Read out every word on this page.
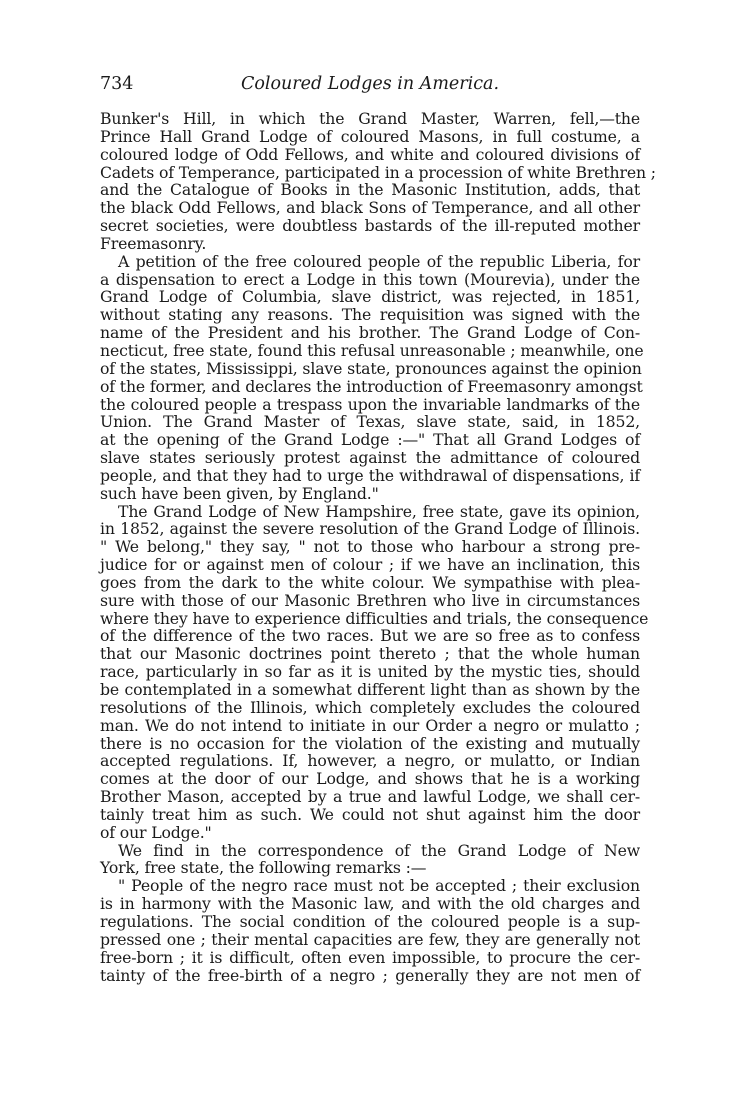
734	Coloured Lodges in America.
Bunker's Hill, in which the Grand Master, Warren, fell,—the
Prince Hall Grand Lodge of coloured Masons, in full costume, a
coloured lodge of Odd Fellows, and white and coloured divisions of
Cadets of Temperance, participated in a procession of white Brethren ;
and the Catalogue of Books in the Masonic Institution, adds, that
the black Odd Fellows, and black Sons of Temperance, and all other
secret societies, were doubtless bastards of the ill-reputed mother
Freemasonry.
A petition of the free coloured people of the republic Liberia, for
a dispensation to erect a Lodge in this town (Mourevia), under the
Grand Lodge of Columbia, slave district, was rejected, in 1851,
without stating any reasons. The requisition was signed with the
name of the President and his brother. The Grand Lodge of Con-
necticut, free state, found this refusal unreasonable ; meanwhile, one
of the states, Mississippi, slave state, pronounces against the opinion
of the former, and declares the introduction of Freemasonry amongst
the coloured people a trespass upon the invariable landmarks of the
Union. The Grand Master of Texas, slave state, said, in 1852,
at the opening of the Grand Lodge :—" That all Grand Lodges of
slave states seriously protest against the admittance of coloured
people, and that they had to urge the withdrawal of dispensations, if
such have been given, by England."
The Grand Lodge of New Hampshire, free state, gave its opinion,
in 1852, against the severe resolution of the Grand Lodge of Illinois.
" We belong," they say, " not to those who harbour a strong pre-
judice for or against men of colour ; if we have an inclination, this
goes from the dark to the white colour. We sympathise with plea-
sure with those of our Masonic Brethren who live in circumstances
where they have to experience difficulties and trials, the consequence
of the difference of the two races. But we are so free as to confess
that our Masonic doctrines point thereto ; that the whole human
race, particularly in so far as it is united by the mystic ties, should
be contemplated in a somewhat different light than as shown by the
resolutions of the Illinois, which completely excludes the coloured
man. We do not intend to initiate in our Order a negro or mulatto ;
there is no occasion for the violation of the existing and mutually
accepted regulations. If, however, a negro, or mulatto, or Indian
comes at the door of our Lodge, and shows that he is a working
Brother Mason, accepted by a true and lawful Lodge, we shall cer-
tainly treat him as such. We could not shut against him the door
of our Lodge."
We find in the correspondence of the Grand Lodge of New
York, free state, the following remarks :—
" People of the negro race must not be accepted ; their exclusion
is in harmony with the Masonic law, and with the old charges and
regulations. The social condition of the coloured people is a sup-
pressed one ; their mental capacities are few, they are generally not
free-born ; it is difficult, often even impossible, to procure the cer-
tainty of the free-birth of a negro ; generally they are not men of
